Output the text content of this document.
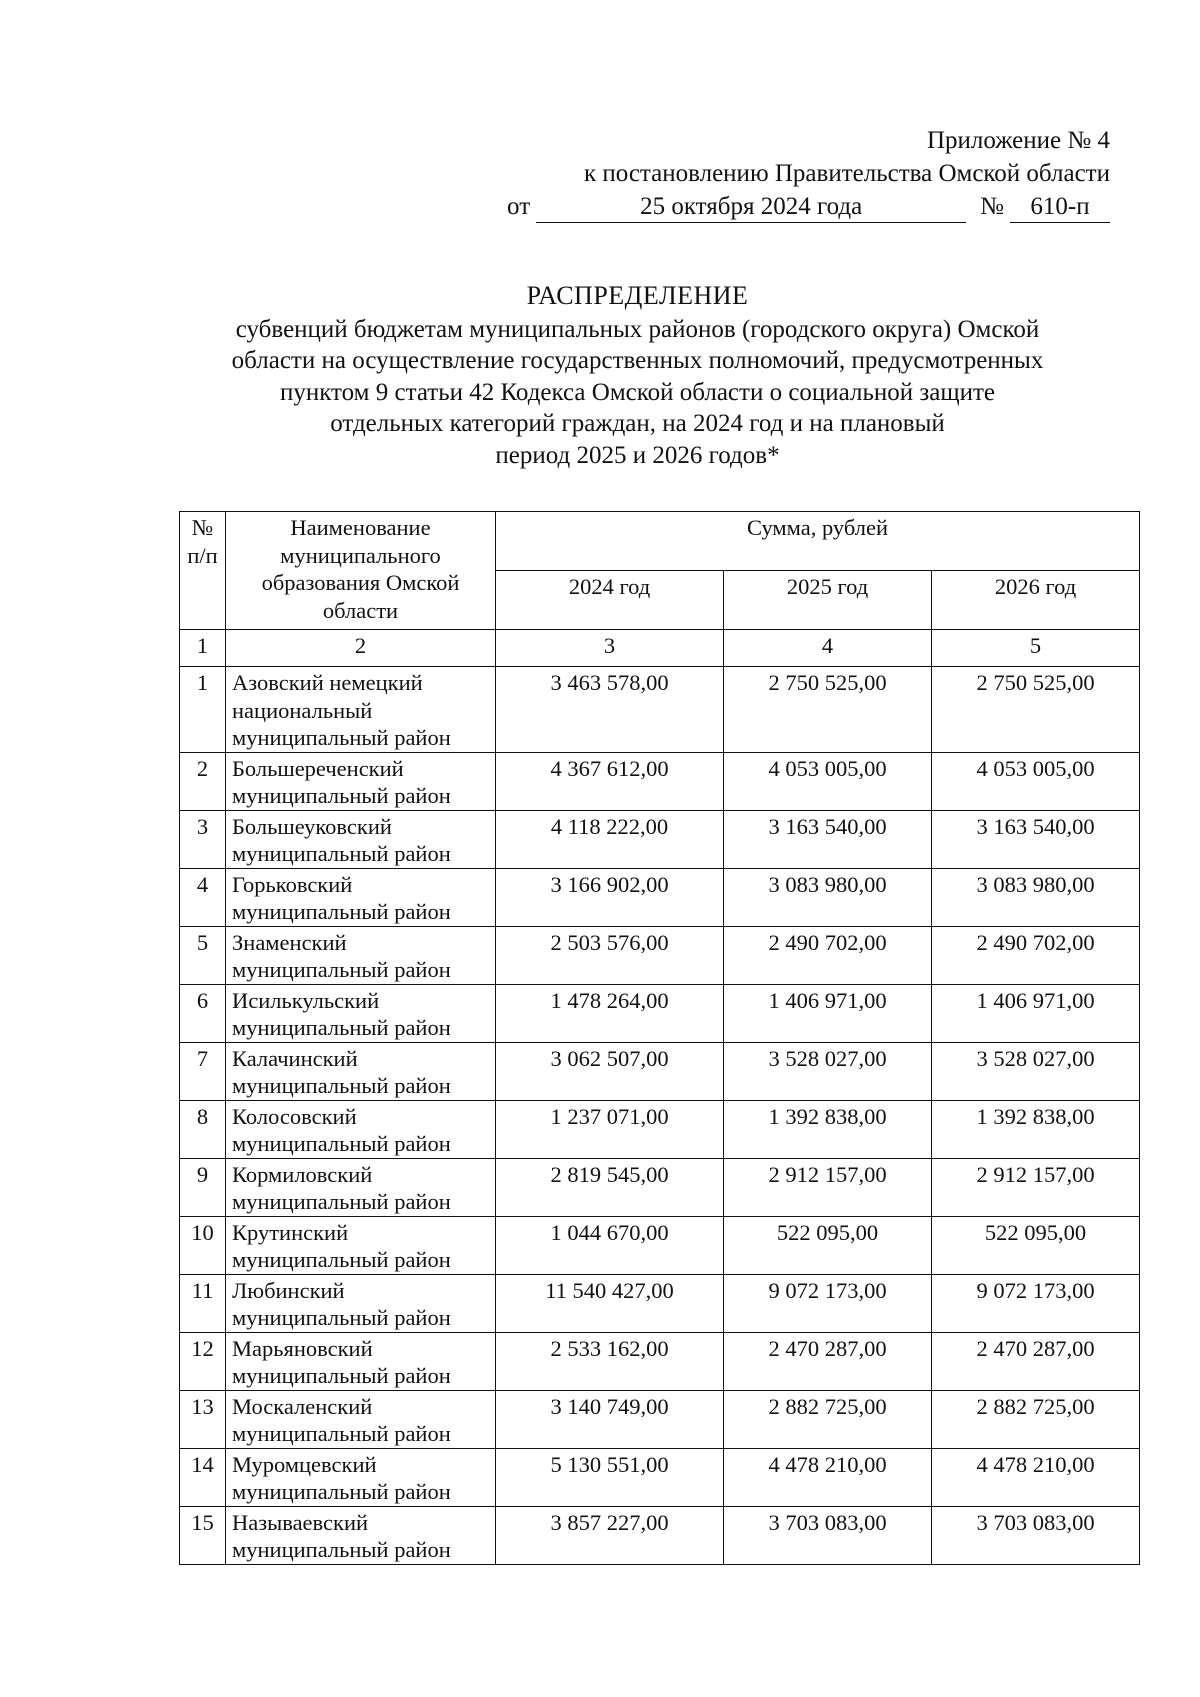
Приложение № 4
к постановлению Правительства Омской области
от	25 октября 2024 года	№	610-п
РАСПРЕДЕЛЕНИЕ
субвенций бюджетам муниципальных районов (городского округа) Омской
области на осуществление государственных полномочий, предусмотренных
пунктом 9 статьи 42 Кодекса Омской области о социальной защите
отдельных категорий граждан, на 2024 год и на плановый
период 2025 и 2026 годов*
№ п/п	Наименование муниципального образования Омской области	Сумма, рублей		
		2024 год	2025 год	2026 год
1	2	3	4	5
1	Азовский немецкий национальный муниципальный район	3 463 578,00	2 750 525,00	2 750 525,00
2	Большереченский муниципальный район	4 367 612,00	4 053 005,00	4 053 005,00
3	Большеуковский муниципальный район	4 118 222,00	3 163 540,00	3 163 540,00
4	Горьковский муниципальный район	3 166 902,00	3 083 980,00	3 083 980,00
5	Знаменский муниципальный район	2 503 576,00	2 490 702,00	2 490 702,00
6	Исилькульский муниципальный район	1 478 264,00	1 406 971,00	1 406 971,00
7	Калачинский муниципальный район	3 062 507,00	3 528 027,00	3 528 027,00
8	Колосовский муниципальный район	1 237 071,00	1 392 838,00	1 392 838,00
9	Кормиловский муниципальный район	2 819 545,00	2 912 157,00	2 912 157,00
10	Крутинский муниципальный район	1 044 670,00	522 095,00	522 095,00
11	Любинский муниципальный район	11 540 427,00	9 072 173,00	9 072 173,00
12	Марьяновский муниципальный район	2 533 162,00	2 470 287,00	2 470 287,00
13	Москаленский муниципальный район	3 140 749,00	2 882 725,00	2 882 725,00
14	Муромцевский муниципальный район	5 130 551,00	4 478 210,00	4 478 210,00
15	Называевский муниципальный район	3 857 227,00	3 703 083,00	3 703 083,00
